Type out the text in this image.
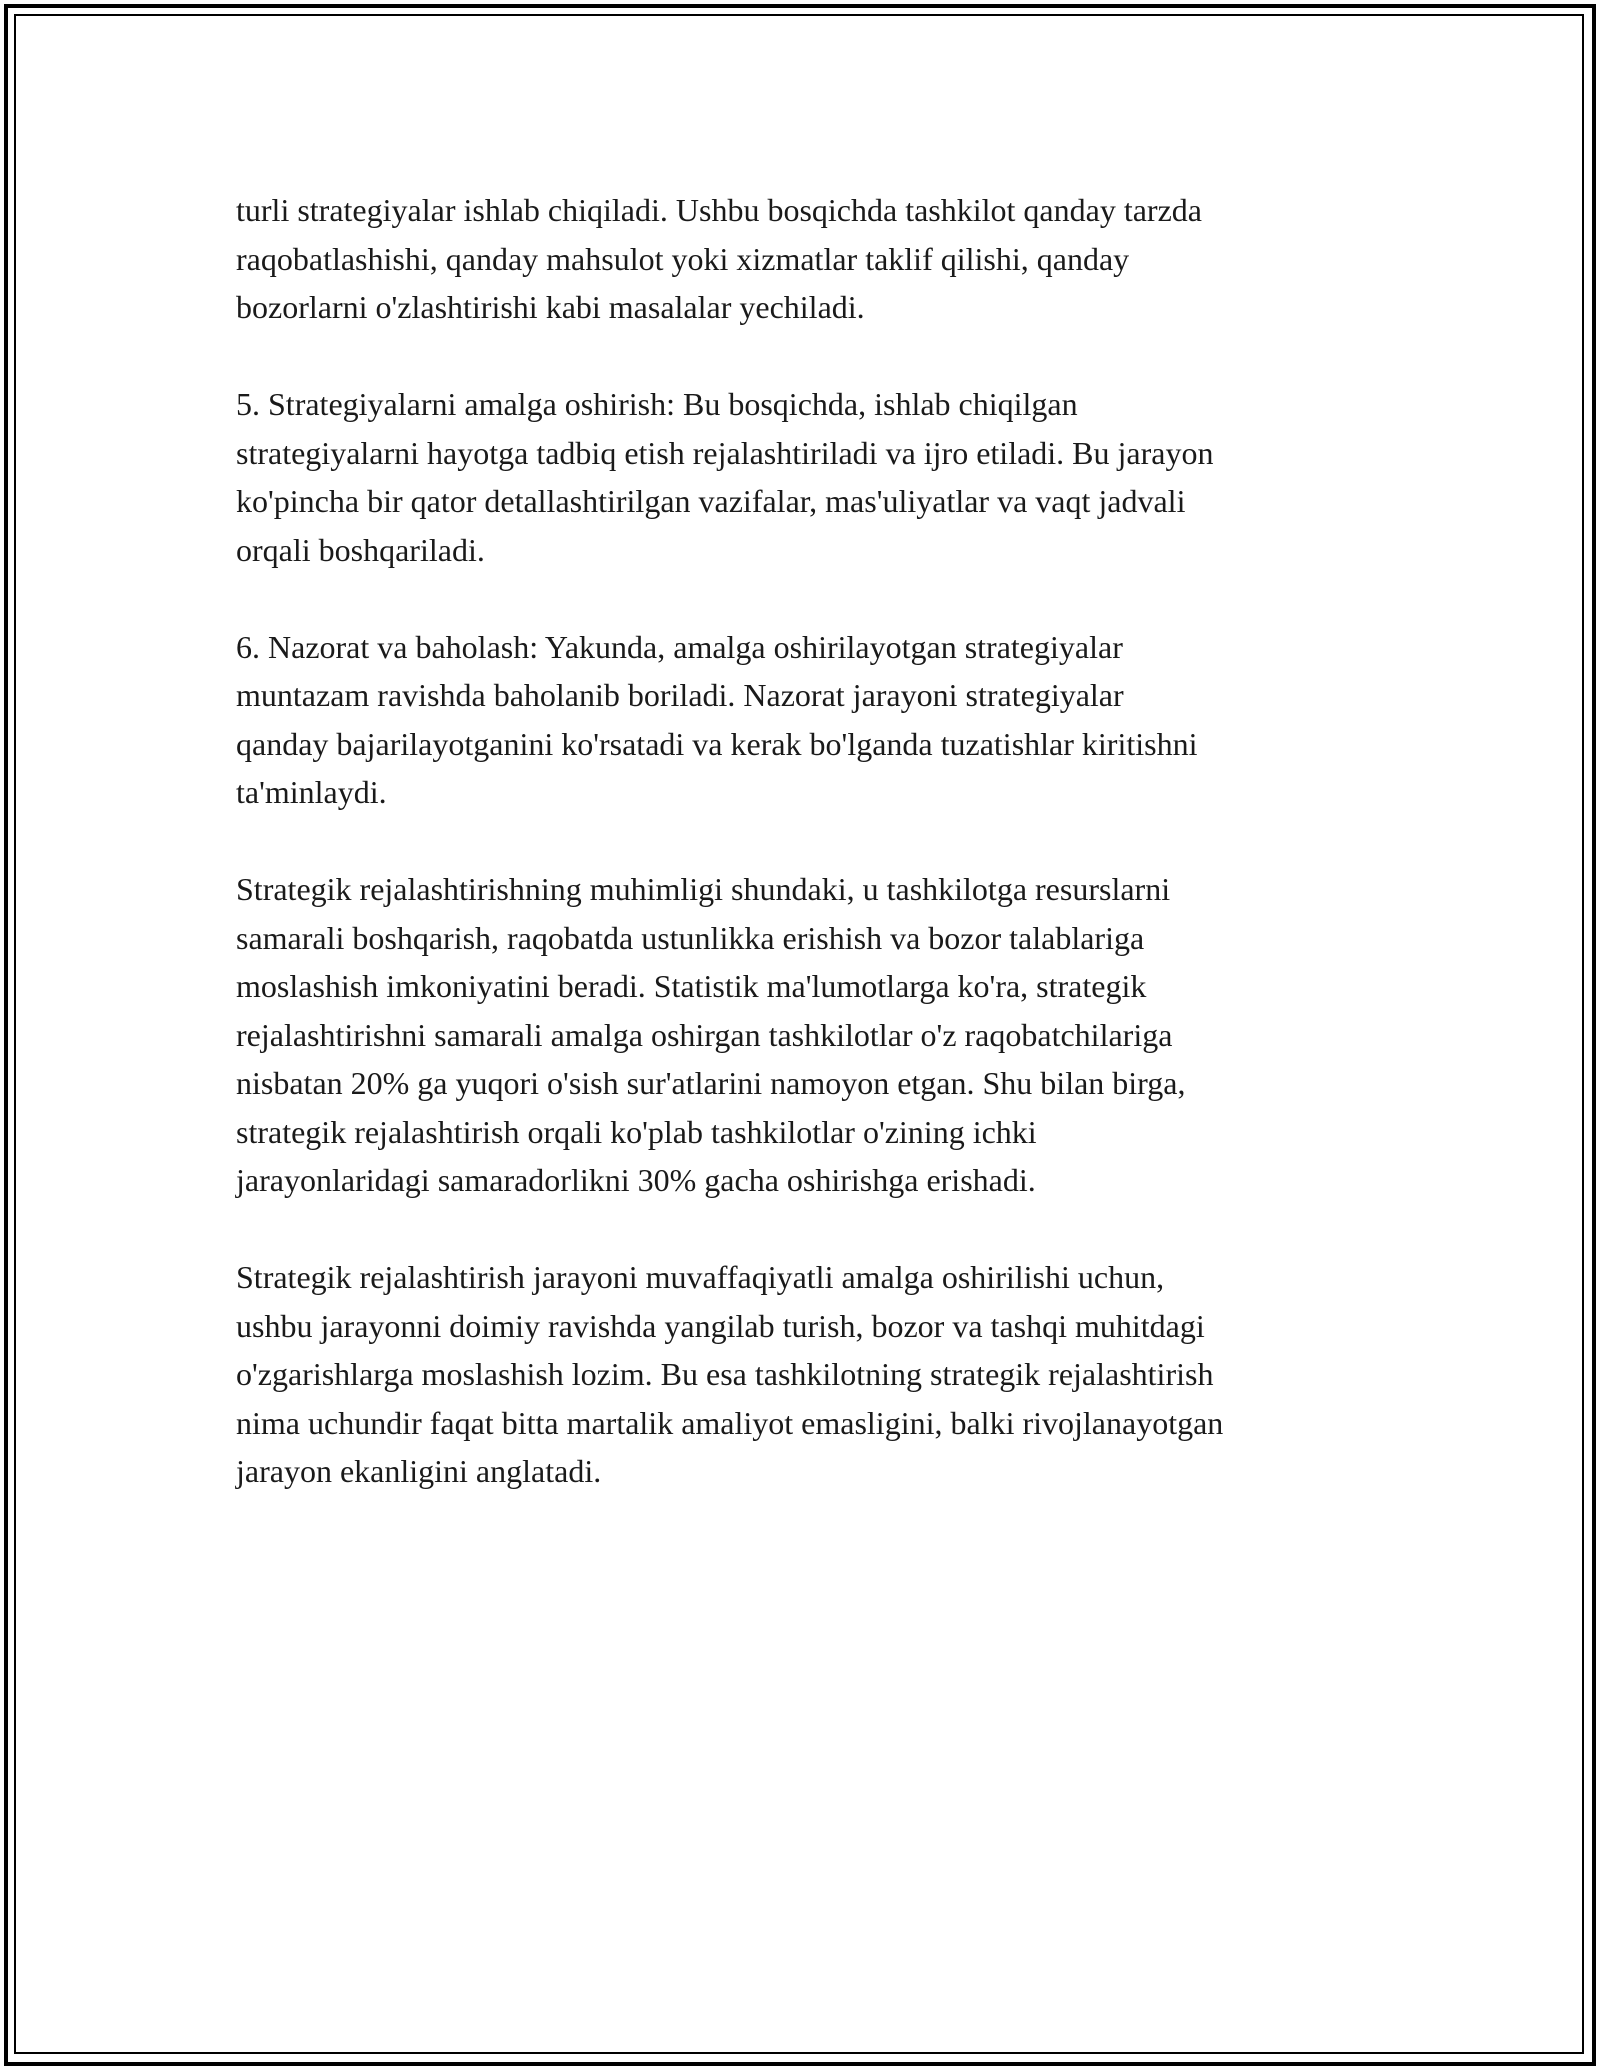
turli strategiyalar ishlab chiqiladi. Ushbu bosqichda tashkilot qanday tarzda
raqobatlashishi, qanday mahsulot yoki xizmatlar taklif qilishi, qanday
bozorlarni o'zlashtirishi kabi masalalar yechiladi.

5. Strategiyalarni amalga oshirish: Bu bosqichda, ishlab chiqilgan
strategiyalarni hayotga tadbiq etish rejalashtiriladi va ijro etiladi. Bu jarayon
ko'pincha bir qator detallashtirilgan vazifalar, mas'uliyatlar va vaqt jadvali
orqali boshqariladi.

6. Nazorat va baholash: Yakunda, amalga oshirilayotgan strategiyalar
muntazam ravishda baholanib boriladi. Nazorat jarayoni strategiyalar
qanday bajarilayotganini ko'rsatadi va kerak bo'lganda tuzatishlar kiritishni
ta'minlaydi.

Strategik rejalashtirishning muhimligi shundaki, u tashkilotga resurslarni
samarali boshqarish, raqobatda ustunlikka erishish va bozor talablariga
moslashish imkoniyatini beradi. Statistik ma'lumotlarga ko'ra, strategik
rejalashtirishni samarali amalga oshirgan tashkilotlar o'z raqobatchilariga
nisbatan 20% ga yuqori o'sish sur'atlarini namoyon etgan. Shu bilan birga,
strategik rejalashtirish orqali ko'plab tashkilotlar o'zining ichki
jarayonlaridagi samaradorlikni 30% gacha oshirishga erishadi.

Strategik rejalashtirish jarayoni muvaffaqiyatli amalga oshirilishi uchun,
ushbu jarayonni doimiy ravishda yangilab turish, bozor va tashqi muhitdagi
o'zgarishlarga moslashish lozim. Bu esa tashkilotning strategik rejalashtirish
nima uchundir faqat bitta martalik amaliyot emasligini, balki rivojlanayotgan
jarayon ekanligini anglatadi.
